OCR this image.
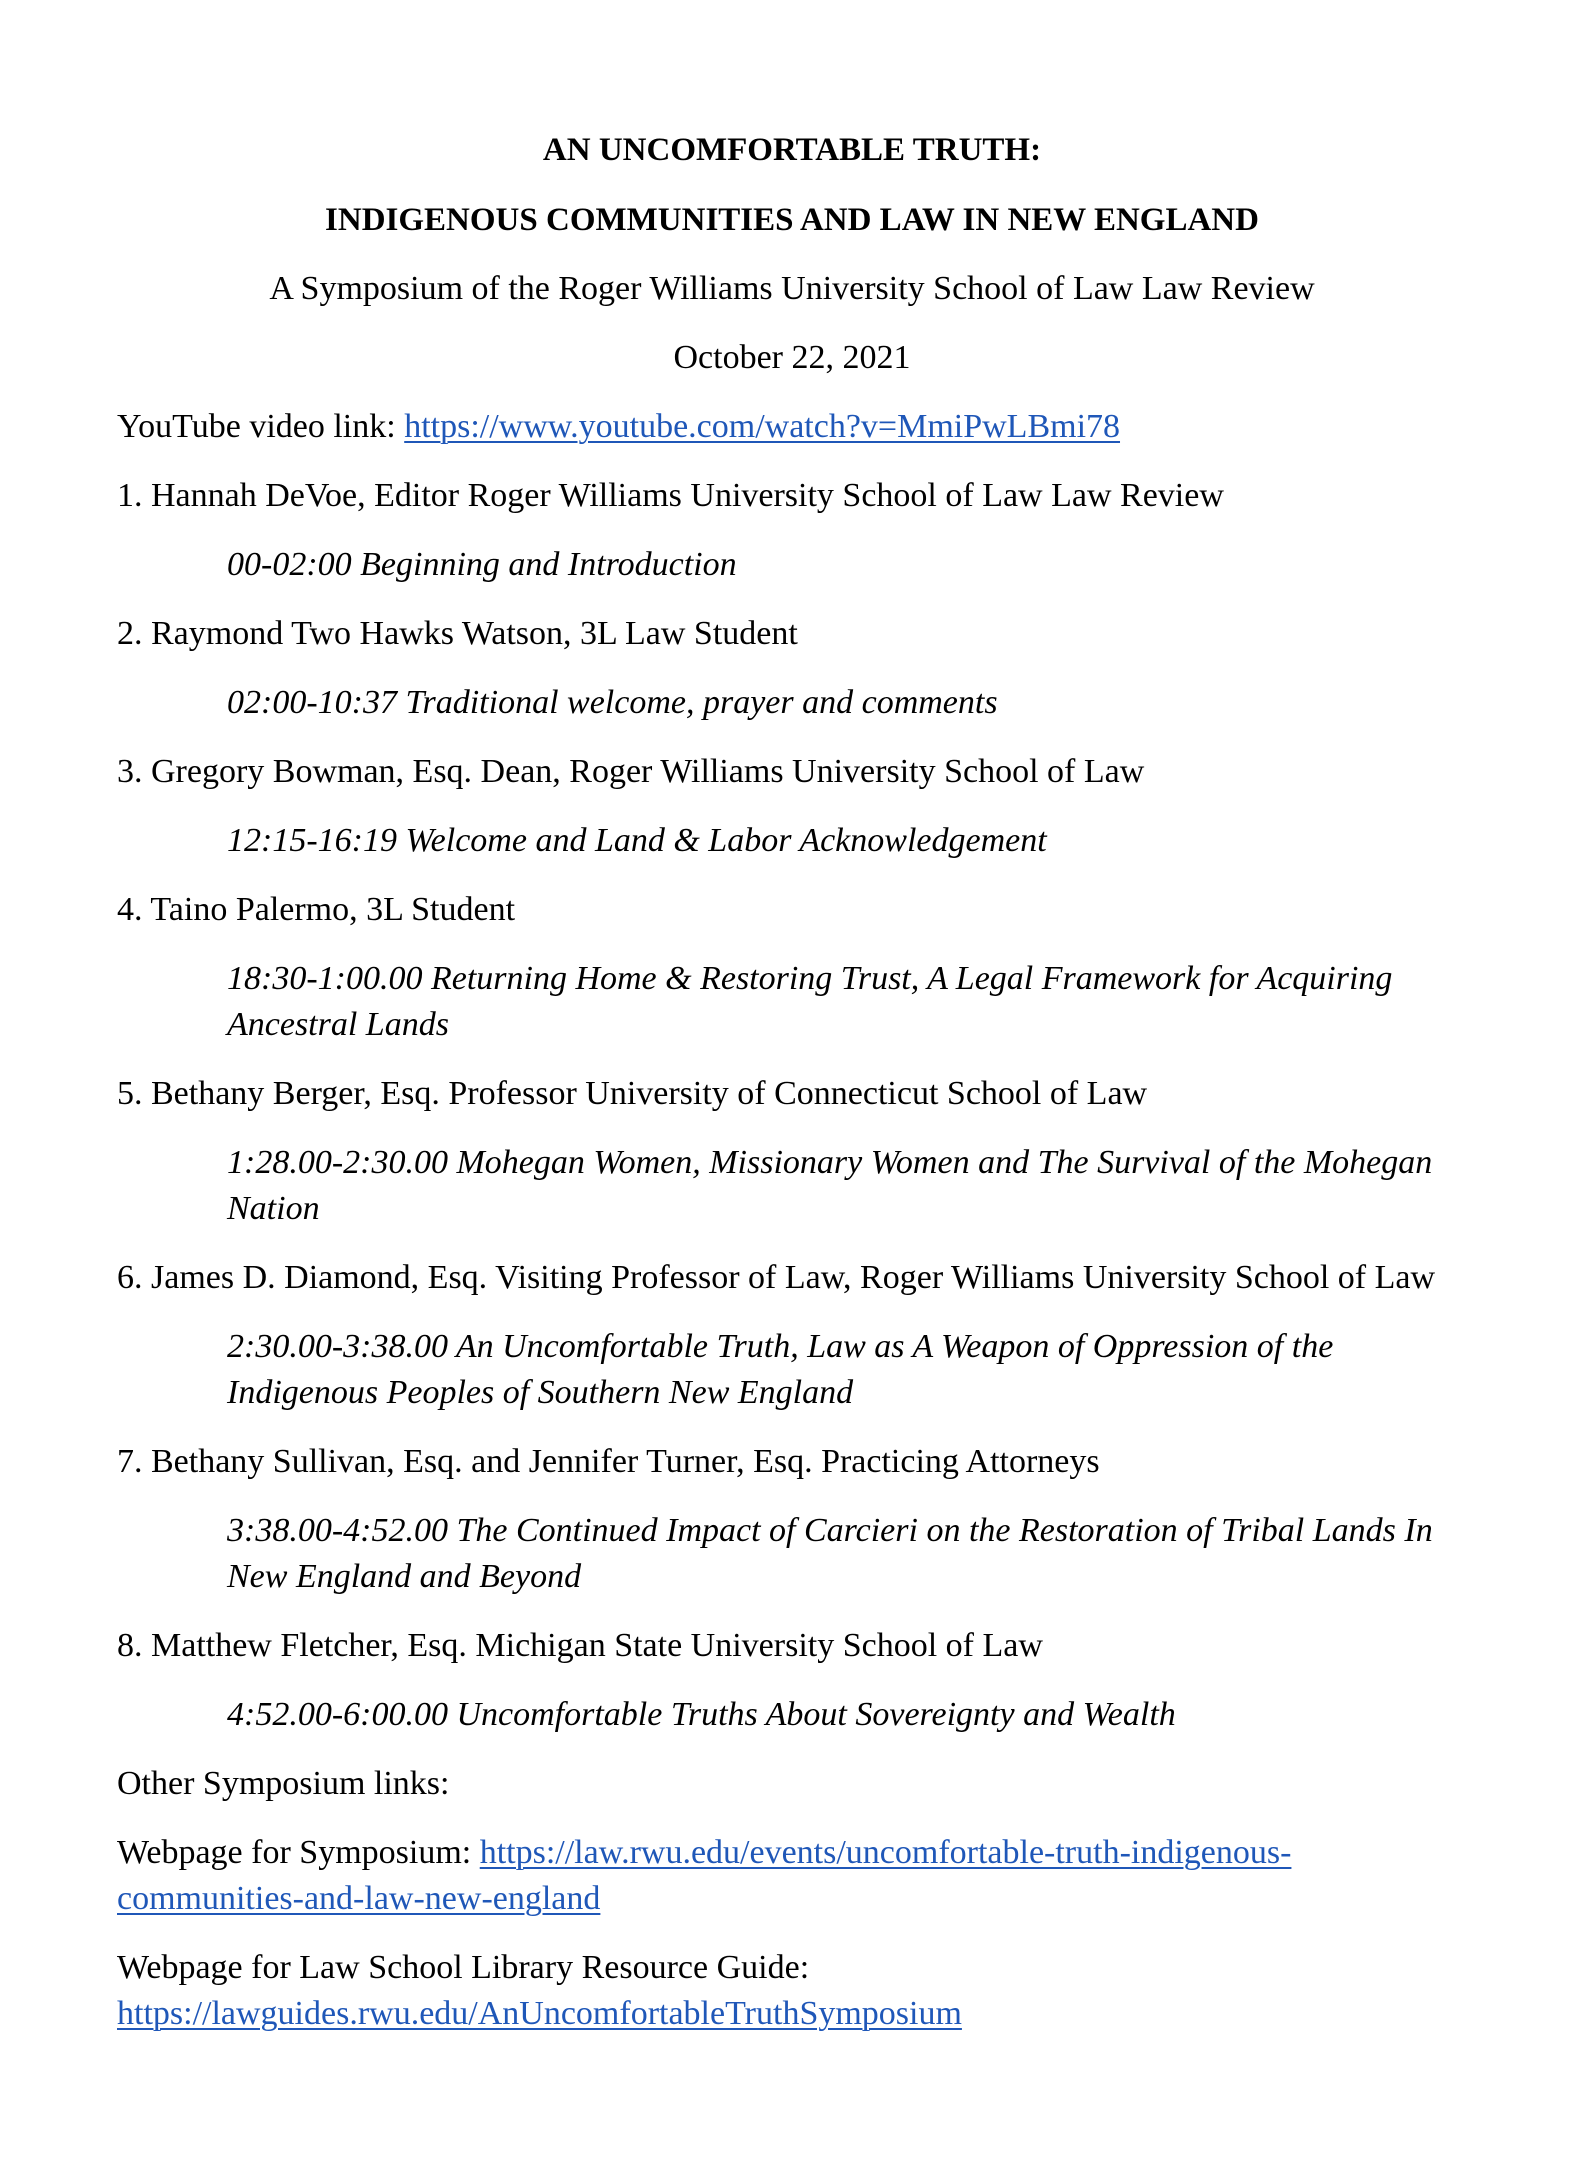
AN UNCOMFORTABLE TRUTH:
INDIGENOUS COMMUNITIES AND LAW IN NEW ENGLAND
A Symposium of the Roger Williams University School of Law Law Review
October 22, 2021
YouTube video link: https://www.youtube.com/watch?v=MmiPwLBmi78
1. Hannah DeVoe, Editor Roger Williams University School of Law Law Review
00-02:00 Beginning and Introduction
2. Raymond Two Hawks Watson, 3L Law Student
02:00-10:37 Traditional welcome, prayer and comments
3. Gregory Bowman, Esq. Dean, Roger Williams University School of Law
12:15-16:19 Welcome and Land & Labor Acknowledgement
4. Taino Palermo, 3L Student
18:30-1:00.00 Returning Home & Restoring Trust, A Legal Framework for Acquiring
Ancestral Lands
5. Bethany Berger, Esq. Professor University of Connecticut School of Law
1:28.00-2:30.00 Mohegan Women, Missionary Women and The Survival of the Mohegan
Nation
6. James D. Diamond, Esq. Visiting Professor of Law, Roger Williams University School of Law
2:30.00-3:38.00 An Uncomfortable Truth, Law as A Weapon of Oppression of the
Indigenous Peoples of Southern New England
7. Bethany Sullivan, Esq. and Jennifer Turner, Esq. Practicing Attorneys
3:38.00-4:52.00 The Continued Impact of Carcieri on the Restoration of Tribal Lands In
New England and Beyond
8. Matthew Fletcher, Esq. Michigan State University School of Law
4:52.00-6:00.00 Uncomfortable Truths About Sovereignty and Wealth
Other Symposium links:
Webpage for Symposium: https://law.rwu.edu/events/uncomfortable-truth-indigenous-
communities-and-law-new-england
Webpage for Law School Library Resource Guide:
https://lawguides.rwu.edu/AnUncomfortableTruthSymposium
